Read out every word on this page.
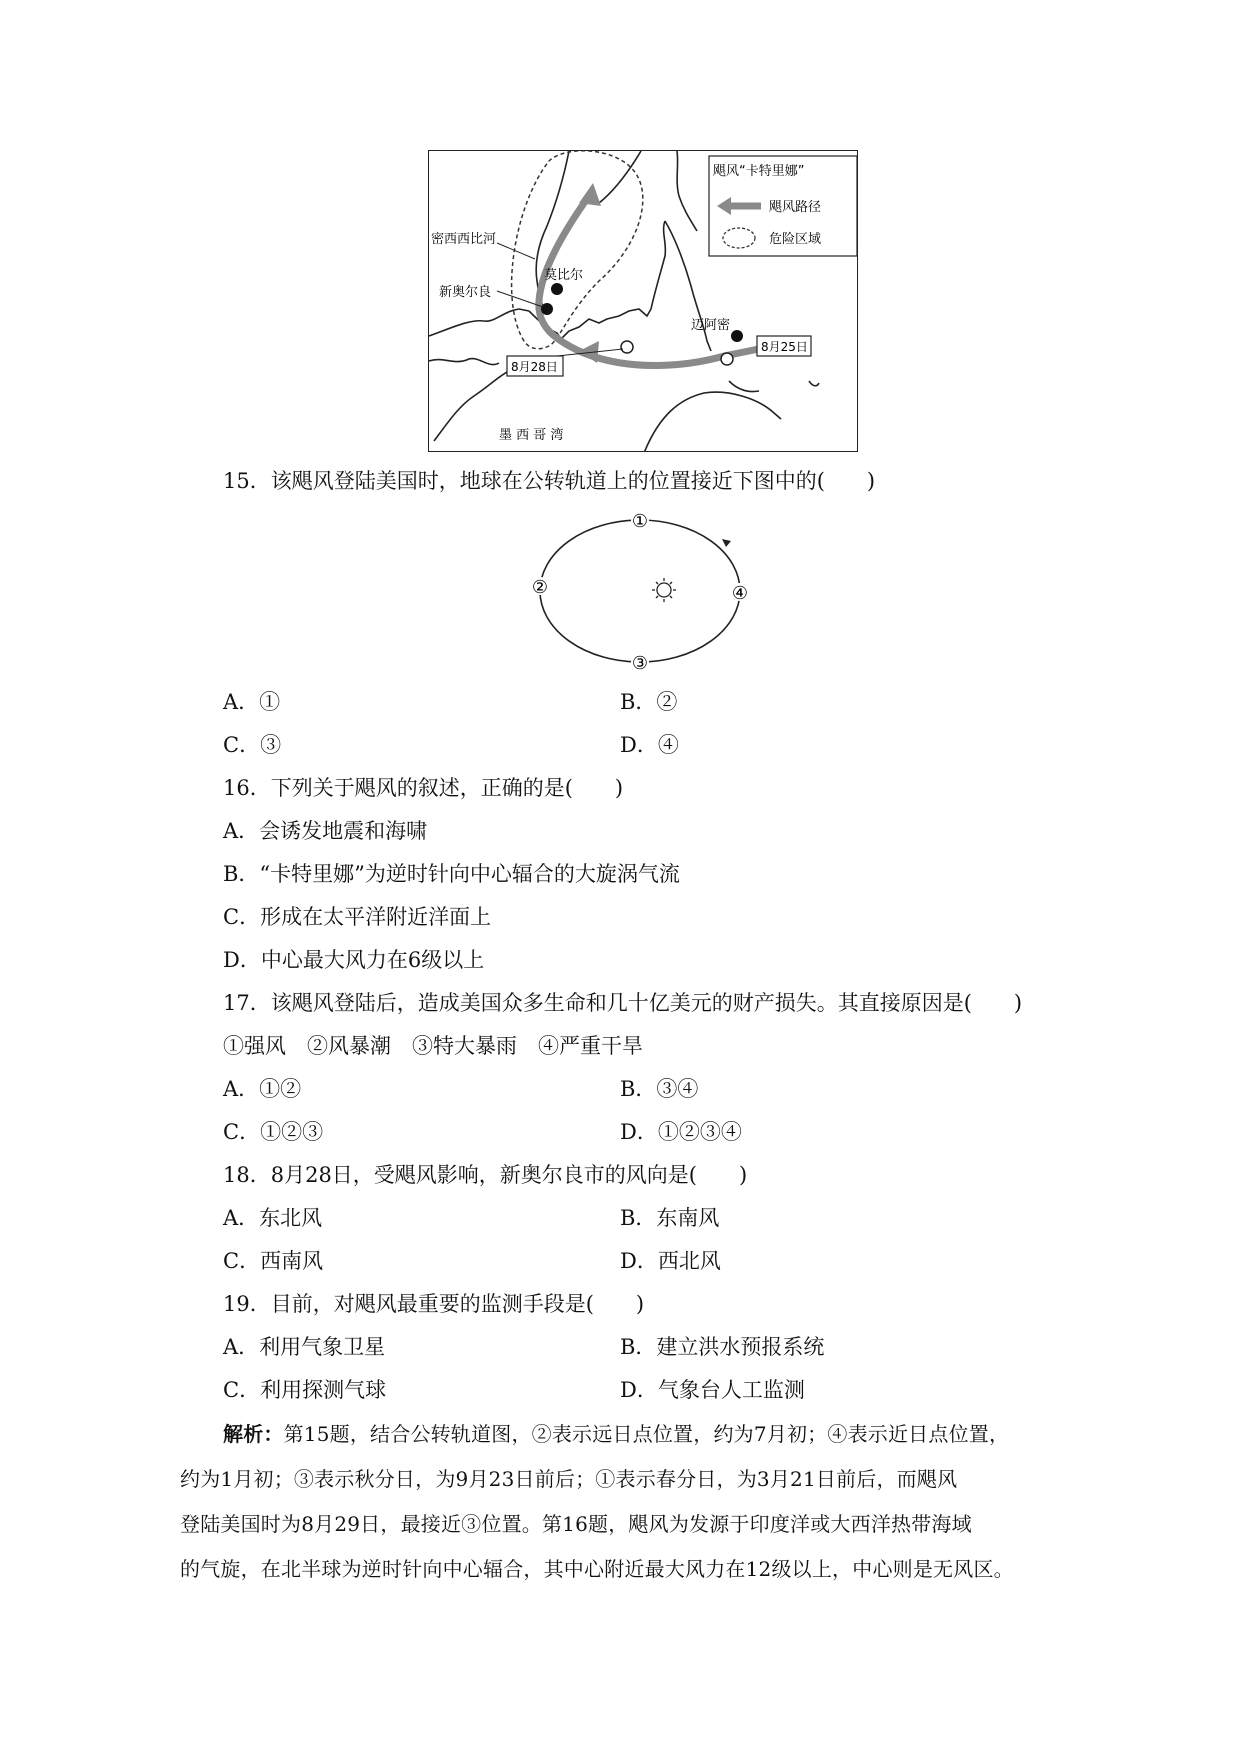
密西西比河
莫比尔
新奥尔良
迈阿密
8月25日
8月28日
墨 西 哥 湾
飓风“卡特里娜”
飓风路径
危险区域
15．该飓风登陆美国时，地球在公转轨道上的位置接近下图中的(　　)
①
②
③
④
A．①	B．②
C．③	D．④
16．下列关于飓风的叙述，正确的是(　　)
A．会诱发地震和海啸
B．“卡特里娜”为逆时针向中心辐合的大旋涡气流
C．形成在太平洋附近洋面上
D．中心最大风力在6级以上
17．该飓风登陆后，造成美国众多生命和几十亿美元的财产损失。其直接原因是(　　)
①强风　②风暴潮　③特大暴雨　④严重干旱
A．①②	B．③④
C．①②③	D．①②③④
18．8月28日，受飓风影响，新奥尔良市的风向是(　　)
A．东北风	B．东南风
C．西南风	D．西北风
19．目前，对飓风最重要的监测手段是(　　)
A．利用气象卫星	B．建立洪水预报系统
C．利用探测气球	D．气象台人工监测
解析：第15题，结合公转轨道图，②表示远日点位置，约为7月初；④表示近日点位置，
约为1月初；③表示秋分日，为9月23日前后；①表示春分日，为3月21日前后，而飓风
登陆美国时为8月29日，最接近③位置。第16题，飓风为发源于印度洋或大西洋热带海域
的气旋，在北半球为逆时针向中心辐合，其中心附近最大风力在12级以上，中心则是无风区。
